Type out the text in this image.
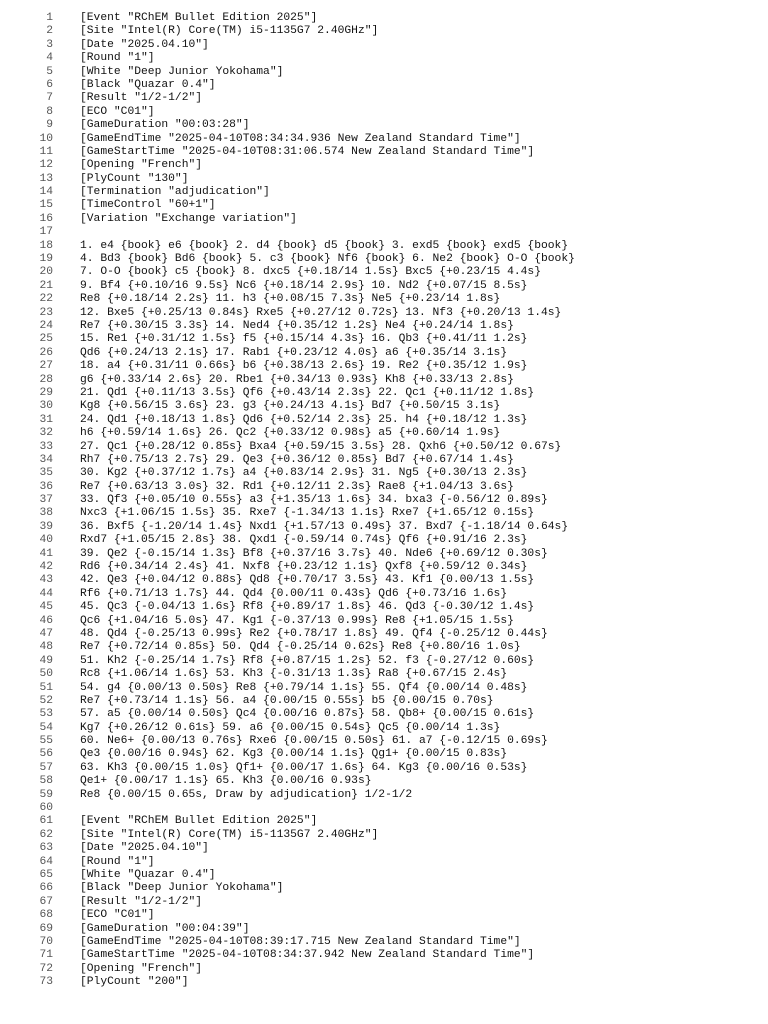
1	[Event "RChEM Bullet Edition 2025"]
2	[Site "Intel(R) Core(TM) i5-1135G7 2.40GHz"]
3	[Date "2025.04.10"]
4	[Round "1"]
5	[White "Deep Junior Yokohama"]
6	[Black "Quazar 0.4"]
7	[Result "1/2-1/2"]
8	[ECO "C01"]
9	[GameDuration "00:03:28"]
10	[GameEndTime "2025-04-10T08:34:34.936 New Zealand Standard Time"]
11	[GameStartTime "2025-04-10T08:31:06.574 New Zealand Standard Time"]
12	[Opening "French"]
13	[PlyCount "130"]
14	[Termination "adjudication"]
15	[TimeControl "60+1"]
16	[Variation "Exchange variation"]
17
18	1. e4 {book} e6 {book} 2. d4 {book} d5 {book} 3. exd5 {book} exd5 {book}
19	4. Bd3 {book} Bd6 {book} 5. c3 {book} Nf6 {book} 6. Ne2 {book} O-O {book}
20	7. O-O {book} c5 {book} 8. dxc5 {+0.18/14 1.5s} Bxc5 {+0.23/15 4.4s}
21	9. Bf4 {+0.10/16 9.5s} Nc6 {+0.18/14 2.9s} 10. Nd2 {+0.07/15 8.5s}
22	Re8 {+0.18/14 2.2s} 11. h3 {+0.08/15 7.3s} Ne5 {+0.23/14 1.8s}
23	12. Bxe5 {+0.25/13 0.84s} Rxe5 {+0.27/12 0.72s} 13. Nf3 {+0.20/13 1.4s}
24	Re7 {+0.30/15 3.3s} 14. Ned4 {+0.35/12 1.2s} Ne4 {+0.24/14 1.8s}
25	15. Re1 {+0.31/12 1.5s} f5 {+0.15/14 4.3s} 16. Qb3 {+0.41/11 1.2s}
26	Qd6 {+0.24/13 2.1s} 17. Rab1 {+0.23/12 4.0s} a6 {+0.35/14 3.1s}
27	18. a4 {+0.31/11 0.66s} b6 {+0.38/13 2.6s} 19. Re2 {+0.35/12 1.9s}
28	g6 {+0.33/14 2.6s} 20. Rbe1 {+0.34/13 0.93s} Kh8 {+0.33/13 2.8s}
29	21. Qd1 {+0.11/13 3.5s} Qf6 {+0.43/14 2.3s} 22. Qc1 {+0.11/12 1.8s}
30	Kg8 {+0.56/15 3.6s} 23. g3 {+0.24/13 4.1s} Bd7 {+0.50/15 3.1s}
31	24. Qd1 {+0.18/13 1.8s} Qd6 {+0.52/14 2.3s} 25. h4 {+0.18/12 1.3s}
32	h6 {+0.59/14 1.6s} 26. Qc2 {+0.33/12 0.98s} a5 {+0.60/14 1.9s}
33	27. Qc1 {+0.28/12 0.85s} Bxa4 {+0.59/15 3.5s} 28. Qxh6 {+0.50/12 0.67s}
34	Rh7 {+0.75/13 2.7s} 29. Qe3 {+0.36/12 0.85s} Bd7 {+0.67/14 1.4s}
35	30. Kg2 {+0.37/12 1.7s} a4 {+0.83/14 2.9s} 31. Ng5 {+0.30/13 2.3s}
36	Re7 {+0.63/13 3.0s} 32. Rd1 {+0.12/11 2.3s} Rae8 {+1.04/13 3.6s}
37	33. Qf3 {+0.05/10 0.55s} a3 {+1.35/13 1.6s} 34. bxa3 {-0.56/12 0.89s}
38	Nxc3 {+1.06/15 1.5s} 35. Rxe7 {-1.34/13 1.1s} Rxe7 {+1.65/12 0.15s}
39	36. Bxf5 {-1.20/14 1.4s} Nxd1 {+1.57/13 0.49s} 37. Bxd7 {-1.18/14 0.64s}
40	Rxd7 {+1.05/15 2.8s} 38. Qxd1 {-0.59/14 0.74s} Qf6 {+0.91/16 2.3s}
41	39. Qe2 {-0.15/14 1.3s} Bf8 {+0.37/16 3.7s} 40. Nde6 {+0.69/12 0.30s}
42	Rd6 {+0.34/14 2.4s} 41. Nxf8 {+0.23/12 1.1s} Qxf8 {+0.59/12 0.34s}
43	42. Qe3 {+0.04/12 0.88s} Qd8 {+0.70/17 3.5s} 43. Kf1 {0.00/13 1.5s}
44	Rf6 {+0.71/13 1.7s} 44. Qd4 {0.00/11 0.43s} Qd6 {+0.73/16 1.6s}
45	45. Qc3 {-0.04/13 1.6s} Rf8 {+0.89/17 1.8s} 46. Qd3 {-0.30/12 1.4s}
46	Qc6 {+1.04/16 5.0s} 47. Kg1 {-0.37/13 0.99s} Re8 {+1.05/15 1.5s}
47	48. Qd4 {-0.25/13 0.99s} Re2 {+0.78/17 1.8s} 49. Qf4 {-0.25/12 0.44s}
48	Re7 {+0.72/14 0.85s} 50. Qd4 {-0.25/14 0.62s} Re8 {+0.80/16 1.0s}
49	51. Kh2 {-0.25/14 1.7s} Rf8 {+0.87/15 1.2s} 52. f3 {-0.27/12 0.60s}
50	Rc8 {+1.06/14 1.6s} 53. Kh3 {-0.31/13 1.3s} Ra8 {+0.67/15 2.4s}
51	54. g4 {0.00/13 0.50s} Re8 {+0.79/14 1.1s} 55. Qf4 {0.00/14 0.48s}
52	Re7 {+0.73/14 1.1s} 56. a4 {0.00/15 0.55s} b5 {0.00/15 0.70s}
53	57. a5 {0.00/14 0.50s} Qc4 {0.00/16 0.87s} 58. Qb8+ {0.00/15 0.61s}
54	Kg7 {+0.26/12 0.61s} 59. a6 {0.00/15 0.54s} Qc5 {0.00/14 1.3s}
55	60. Ne6+ {0.00/13 0.76s} Rxe6 {0.00/15 0.50s} 61. a7 {-0.12/15 0.69s}
56	Qe3 {0.00/16 0.94s} 62. Kg3 {0.00/14 1.1s} Qg1+ {0.00/15 0.83s}
57	63. Kh3 {0.00/15 1.0s} Qf1+ {0.00/17 1.6s} 64. Kg3 {0.00/16 0.53s}
58	Qe1+ {0.00/17 1.1s} 65. Kh3 {0.00/16 0.93s}
59	Re8 {0.00/15 0.65s, Draw by adjudication} 1/2-1/2
60
61	[Event "RChEM Bullet Edition 2025"]
62	[Site "Intel(R) Core(TM) i5-1135G7 2.40GHz"]
63	[Date "2025.04.10"]
64	[Round "1"]
65	[White "Quazar 0.4"]
66	[Black "Deep Junior Yokohama"]
67	[Result "1/2-1/2"]
68	[ECO "C01"]
69	[GameDuration "00:04:39"]
70	[GameEndTime "2025-04-10T08:39:17.715 New Zealand Standard Time"]
71	[GameStartTime "2025-04-10T08:34:37.942 New Zealand Standard Time"]
72	[Opening "French"]
73	[PlyCount "200"]
